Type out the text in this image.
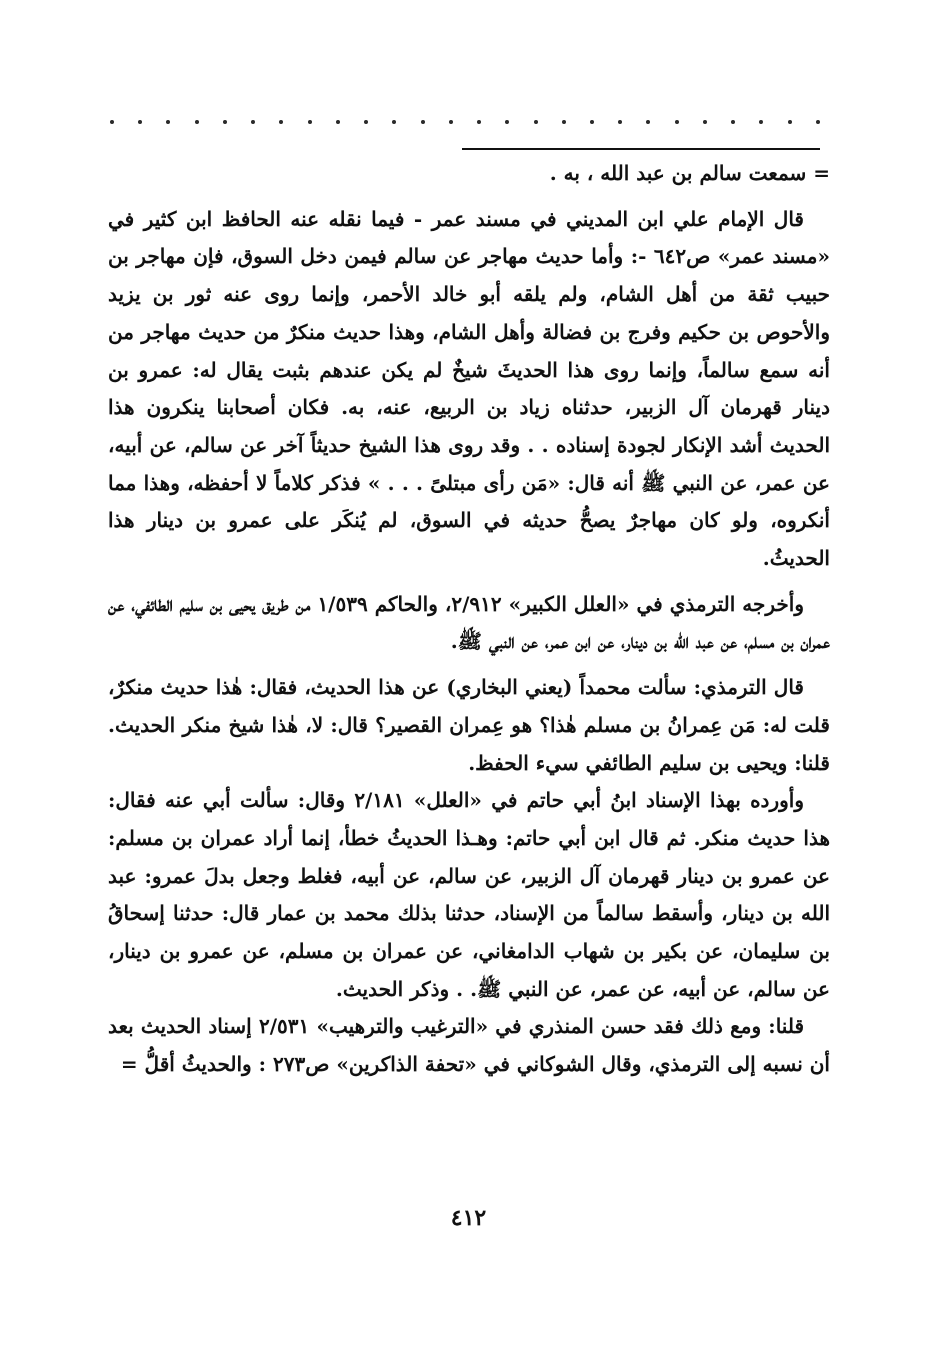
= سمعت سالم بن عبد الله ، به .

قال الإمام علي ابن المديني في مسند عمر - فيما نقله عنه الحافظ ابن كثير في «مسند عمر» ص٦٤٢ -: وأما حديث مهاجر عن سالم فيمن دخل السوق، فإن مهاجر بن حبيب ثقة من أهل الشام، ولم يلقه أبو خالد الأحمر، وإنما روى عنه ثور بن يزيد والأحوص بن حكيم وفرج بن فضالة وأهل الشام، وهذا حديث منكرٌ من حديث مهاجر من أنه سمع سالماً، وإنما روى هذا الحديثَ شيخٌ لم يكن عندهم بثبت يقال له: عمرو بن دينار قهرمان آل الزبير، حدثناه زياد بن الربيع، عنه، به. فكان أصحابنا ينكرون هذا الحديث أشد الإنكار لجودة إسناده . . وقد روى هذا الشيخ حديثاً آخر عن سالم، عن أبيه، عن عمر، عن النبي ﷺ أنه قال: «مَن رأى مبتلىً . . . » فذكر كلاماً لا أحفظه، وهذا مما أنكروه، ولو كان مهاجرٌ يصحُّ حديثه في السوق، لم يُنكَر على عمرو بن دينار هذا الحديثُ.

وأخرجه الترمذي في «العلل الكبير» ٢/٩١٢، والحاكم ١/٥٣٩ من طريق يحيى بن سليم الطائفي، عن عمران بن مسلم، عن عبد الله بن دينار، عن ابن عمر، عن النبي ﷺ.

قال الترمذي: سألت محمداً (يعني البخاري) عن هذا الحديث، فقال: هٰذا حديث منكرٌ، قلت له: مَن عِمرانُ بن مسلم هٰذا؟ هو عِمران القصير؟ قال: لا، هٰذا شيخ منكر الحديث. قلنا: ويحيى بن سليم الطائفي سيء الحفظ.

وأورده بهذا الإسناد ابنُ أبي حاتم في «العلل» ٢/١٨١ وقال: سألت أبي عنه فقال: هذا حديث منكر. ثم قال ابن أبي حاتم: وهـذا الحديثُ خطأ، إنما أراد عمران بن مسلم: عن عمرو بن دينار قهرمان آل الزبير، عن سالم، عن أبيه، فغلط وجعل بدلَ عمرو: عبد الله بن دينار، وأسقط سالماً من الإسناد، حدثنا بذلك محمد بن عمار قال: حدثنا إسحاقُ بن سليمان، عن بكير بن شهاب الدامغاني، عن عمران بن مسلم، عن عمرو بن دينار، عن سالم، عن أبيه، عن عمر، عن النبي ﷺ. . وذكر الحديث.

قلنا: ومع ذلك فقد حسن المنذري في «الترغيب والترهيب» ٢/٥٣١ إسناد الحديث بعد أن نسبه إلى الترمذي، وقال الشوكاني في «تحفة الذاكرين» ص٢٧٣ : والحديثُ أقلُّ =

٤١٢
